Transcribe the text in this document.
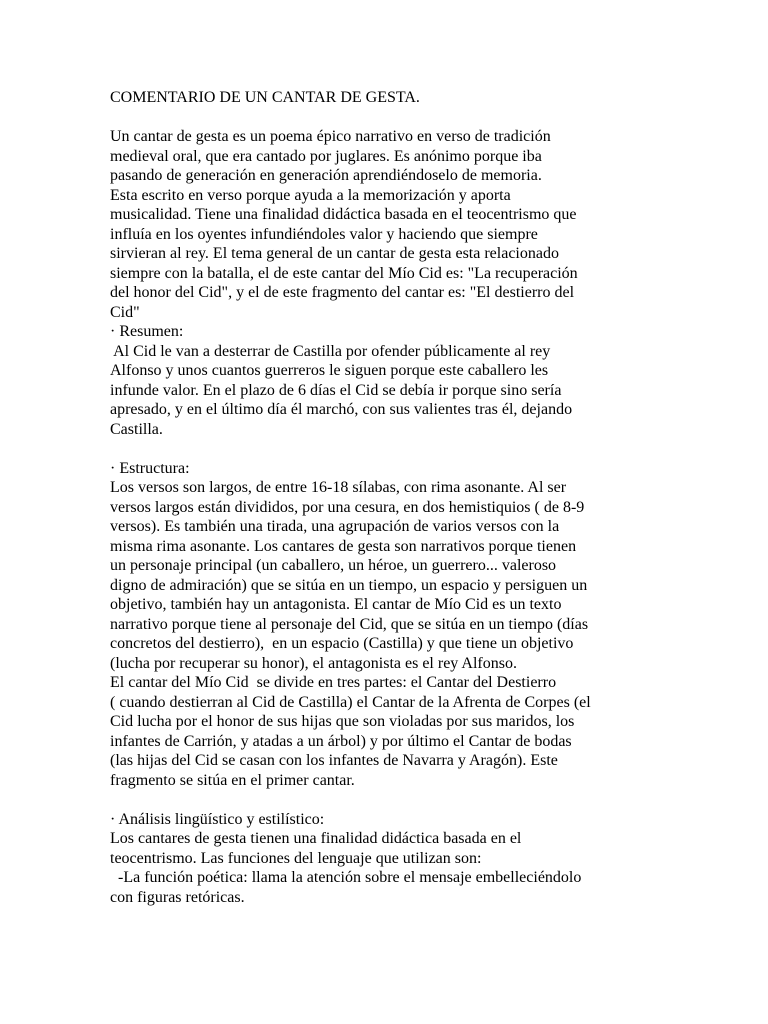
COMENTARIO DE UN CANTAR DE GESTA.
Un cantar de gesta es un poema épico narrativo en verso de tradición
medieval oral, que era cantado por juglares. Es anónimo porque iba
pasando de generación en generación aprendiéndoselo de memoria.
Esta escrito en verso porque ayuda a la memorización y aporta
musicalidad. Tiene una finalidad didáctica basada en el teocentrismo que
influía en los oyentes infundiéndoles valor y haciendo que siempre
sirvieran al rey. El tema general de un cantar de gesta esta relacionado
siempre con la batalla, el de este cantar del Mío Cid es: "La recuperación
del honor del Cid", y el de este fragmento del cantar es: "El destierro del
Cid"
· Resumen:
Al Cid le van a desterrar de Castilla por ofender públicamente al rey
Alfonso y unos cuantos guerreros le siguen porque este caballero les
infunde valor. En el plazo de 6 días el Cid se debía ir porque sino sería
apresado, y en el último día él marchó, con sus valientes tras él, dejando
Castilla.
· Estructura:
Los versos son largos, de entre 16-18 sílabas, con rima asonante. Al ser
versos largos están divididos, por una cesura, en dos hemistiquios ( de 8-9
versos). Es también una tirada, una agrupación de varios versos con la
misma rima asonante. Los cantares de gesta son narrativos porque tienen
un personaje principal (un caballero, un héroe, un guerrero... valeroso
digno de admiración) que se sitúa en un tiempo, un espacio y persiguen un
objetivo, también hay un antagonista. El cantar de Mío Cid es un texto
narrativo porque tiene al personaje del Cid, que se sitúa en un tiempo (días
concretos del destierro),  en un espacio (Castilla) y que tiene un objetivo
(lucha por recuperar su honor), el antagonista es el rey Alfonso.
El cantar del Mío Cid  se divide en tres partes: el Cantar del Destierro
( cuando destierran al Cid de Castilla) el Cantar de la Afrenta de Corpes (el
Cid lucha por el honor de sus hijas que son violadas por sus maridos, los
infantes de Carrión, y atadas a un árbol) y por último el Cantar de bodas
(las hijas del Cid se casan con los infantes de Navarra y Aragón). Este
fragmento se sitúa en el primer cantar.
· Análisis lingüístico y estilístico:
Los cantares de gesta tienen una finalidad didáctica basada en el
teocentrismo. Las funciones del lenguaje que utilizan son:
-La función poética: llama la atención sobre el mensaje embelleciéndolo
con figuras retóricas.
